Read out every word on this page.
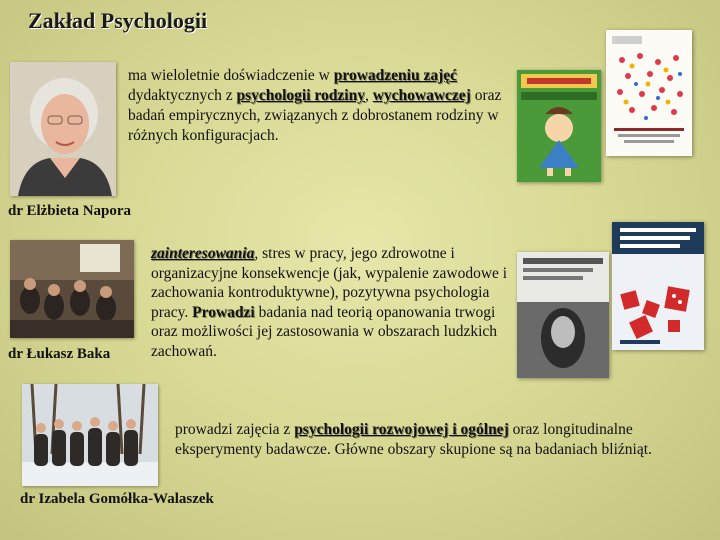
Zakład Psychologii
ma wieloletnie doświadczenie w prowadzeniu zajęć dydaktycznych z psychologii rodziny, wychowawczej oraz badań empirycznych, związanych z dobrostanem rodziny w różnych konfiguracjach.
dr Elżbieta Napora
dr Łukasz Baka
zainteresowania, stres w pracy, jego zdrowotne i organizacyjne konsekwencje (jak, wypalenie zawodowe i zachowania kontroduktywne), pozytywna psychologia pracy. Prowadzi badania nad teorią opanowania trwogi oraz możliwości jej zastosowania w obszarach ludzkich zachowań.
prowadzi zajęcia z psychologii rozwojowej i ogólnej oraz longitudinalne eksperymenty badawcze. Główne obszary skupione są na badaniach bliźniąt.
dr Izabela Gomółka-Walaszek
